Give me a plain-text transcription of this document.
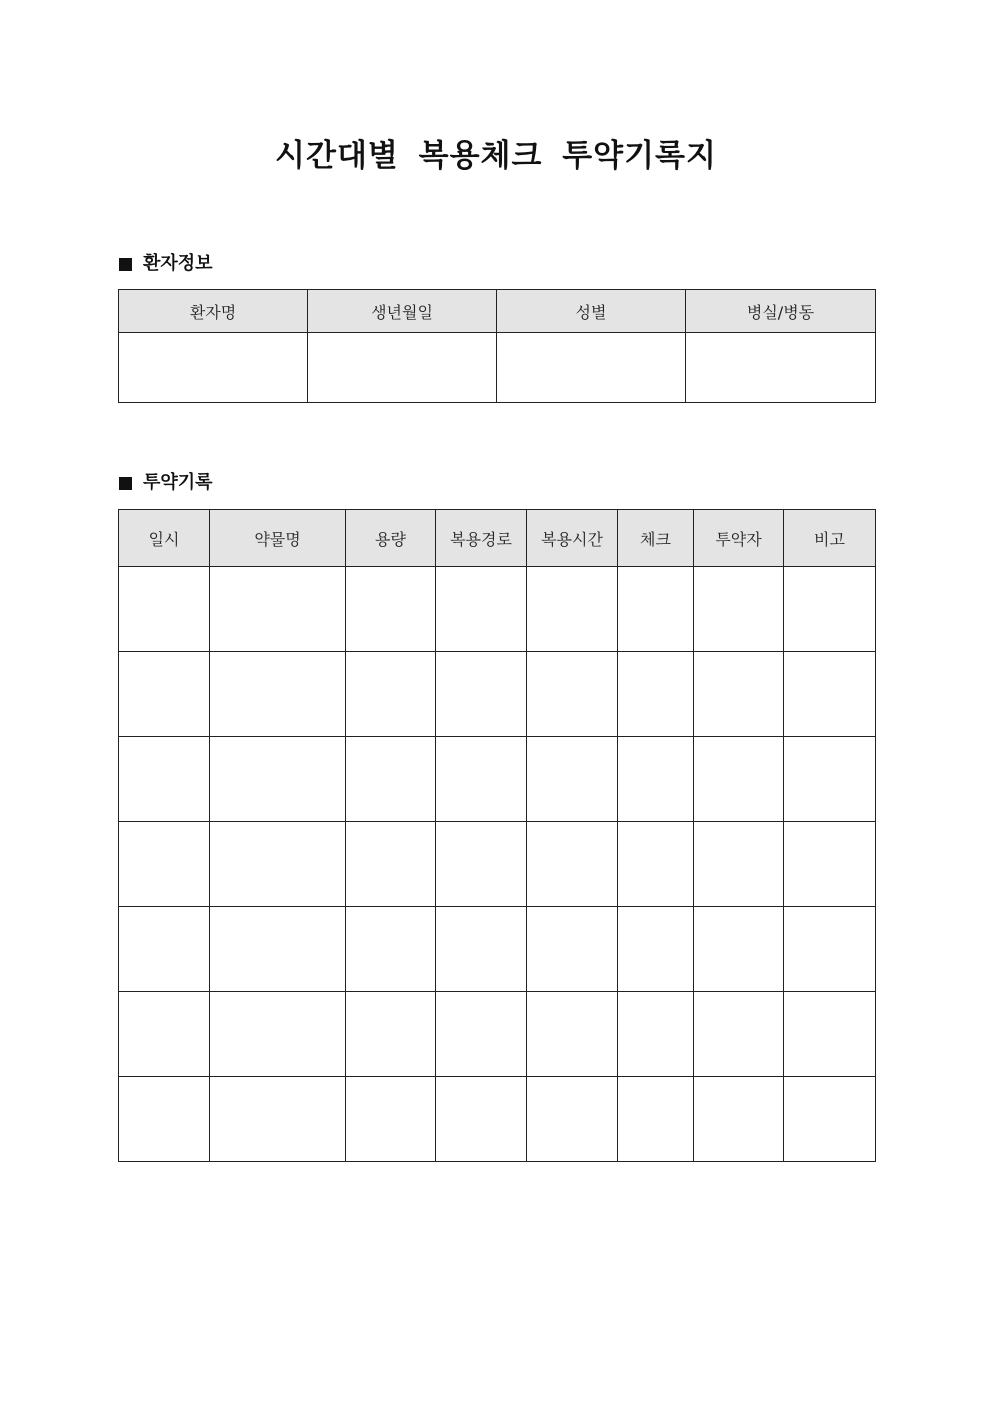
시간대별 복용체크 투약기록지
환자정보
환자명	생년월일	성별	병실/병동

투약기록
일시	약물명	용량	복용경로	복용시간	체크	투약자	비고
